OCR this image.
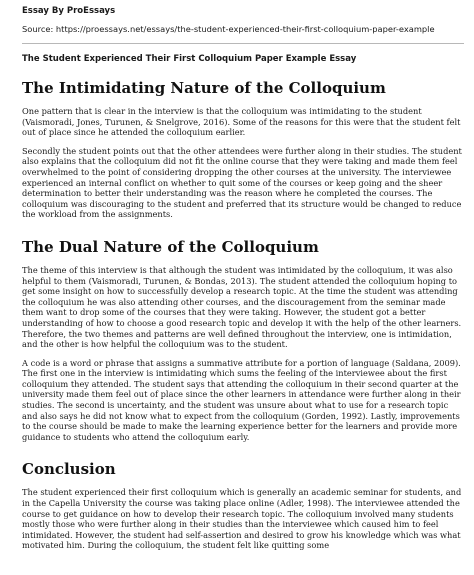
Essay By ProEssays

Source: https://proessays.net/essays/the-student-experienced-their-first-colloquium-paper-example

The Student Experienced Their First Colloquium Paper Example Essay

The Intimidating Nature of the Colloquium

One pattern that is clear in the interview is that the colloquium was intimidating to the student (Vaismoradi, Jones, Turunen, & Snelgrove, 2016). Some of the reasons for this were that the student felt out of place since he attended the colloquium earlier.

Secondly the student points out that the other attendees were further along in their studies. The student also explains that the colloquium did not fit the online course that they were taking and made them feel overwhelmed to the point of considering dropping the other courses at the university. The interviewee experienced an internal conflict on whether to quit some of the courses or keep going and the sheer determination to better their understanding was the reason where he completed the courses. The colloquium was discouraging to the student and preferred that its structure would be changed to reduce the workload from the assignments.

The Dual Nature of the Colloquium

The theme of this interview is that although the student was intimidated by the colloquium, it was also helpful to them (Vaismoradi, Turunen, & Bondas, 2013). The student attended the colloquium hoping to get some insight on how to successfully develop a research topic. At the time the student was attending the colloquium he was also attending other courses, and the discouragement from the seminar made them want to drop some of the courses that they were taking. However, the student got a better understanding of how to choose a good research topic and develop it with the help of the other learners. Therefore, the two themes and patterns are well defined throughout the interview, one is intimidation, and the other is how helpful the colloquium was to the student.

A code is a word or phrase that assigns a summative attribute for a portion of language (Saldana, 2009). The first one in the interview is intimidating which sums the feeling of the interviewee about the first colloquium they attended. The student says that attending the colloquium in their second quarter at the university made them feel out of place since the other learners in attendance were further along in their studies. The second is uncertainty, and the student was unsure about what to use for a research topic and also says he did not know what to expect from the colloquium (Gorden, 1992). Lastly, improvements to the course should be made to make the learning experience better for the learners and provide more guidance to students who attend the colloquium early.

Conclusion

The student experienced their first colloquium which is generally an academic seminar for students, and in the Capella University the course was taking place online (Adler, 1998). The interviewee attended the course to get guidance on how to develop their research topic. The colloquium involved many students mostly those who were further along in their studies than the interviewee which caused him to feel intimidated. However, the student had self-assertion and desired to grow his knowledge which was what motivated him. During the colloquium, the student felt like quitting some
